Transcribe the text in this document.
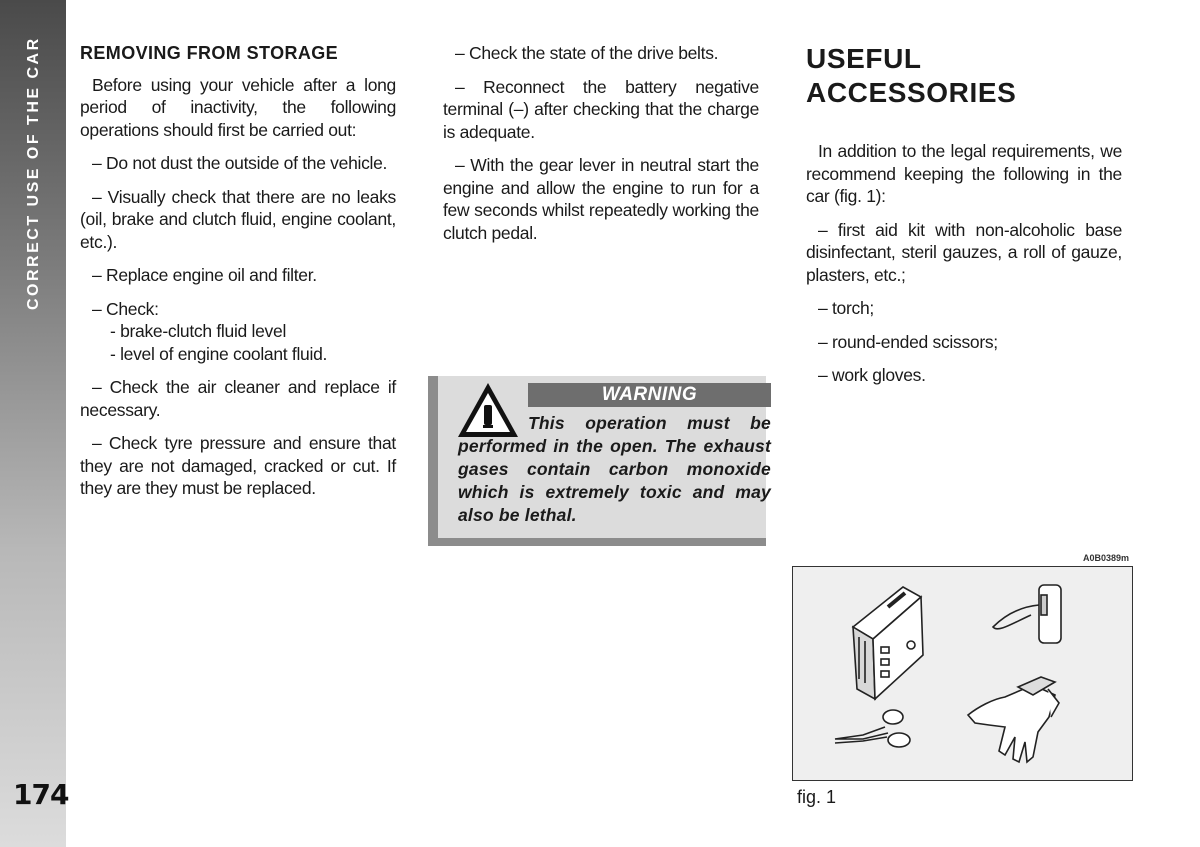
CORRECT USE OF THE CAR
174
REMOVING FROM STORAGE

Before using your vehicle after a long period of inactivity, the following operations should first be carried out:

– Do not dust the outside of the vehicle.

– Visually check that there are no leaks (oil, brake and clutch fluid, engine coolant, etc.).

– Replace engine oil and filter.

– Check:
- brake-clutch fluid level
- level of engine coolant fluid.

– Check the air cleaner and replace if necessary.

– Check tyre pressure and ensure that they are not damaged, cracked or cut. If they are they must be replaced.

– Check the state of the drive belts.

– Reconnect the battery negative terminal (–) after checking that the charge is adequate.

– With the gear lever in neutral start the engine and allow the engine to run for a few seconds whilst repeatedly working the clutch pedal.

WARNING
This operation must be performed in the open. The exhaust gases contain carbon monoxide which is extremely toxic and may also be lethal.
USEFUL ACCESSORIES

In addition to the legal requirements, we recommend keeping the following in the car (fig. 1):

– first aid kit with non-alcoholic base disinfectant, steril gauzes, a roll of gauze, plasters, etc.;

– torch;

– round-ended scissors;

– work gloves.

A0B0389m
fig. 1
